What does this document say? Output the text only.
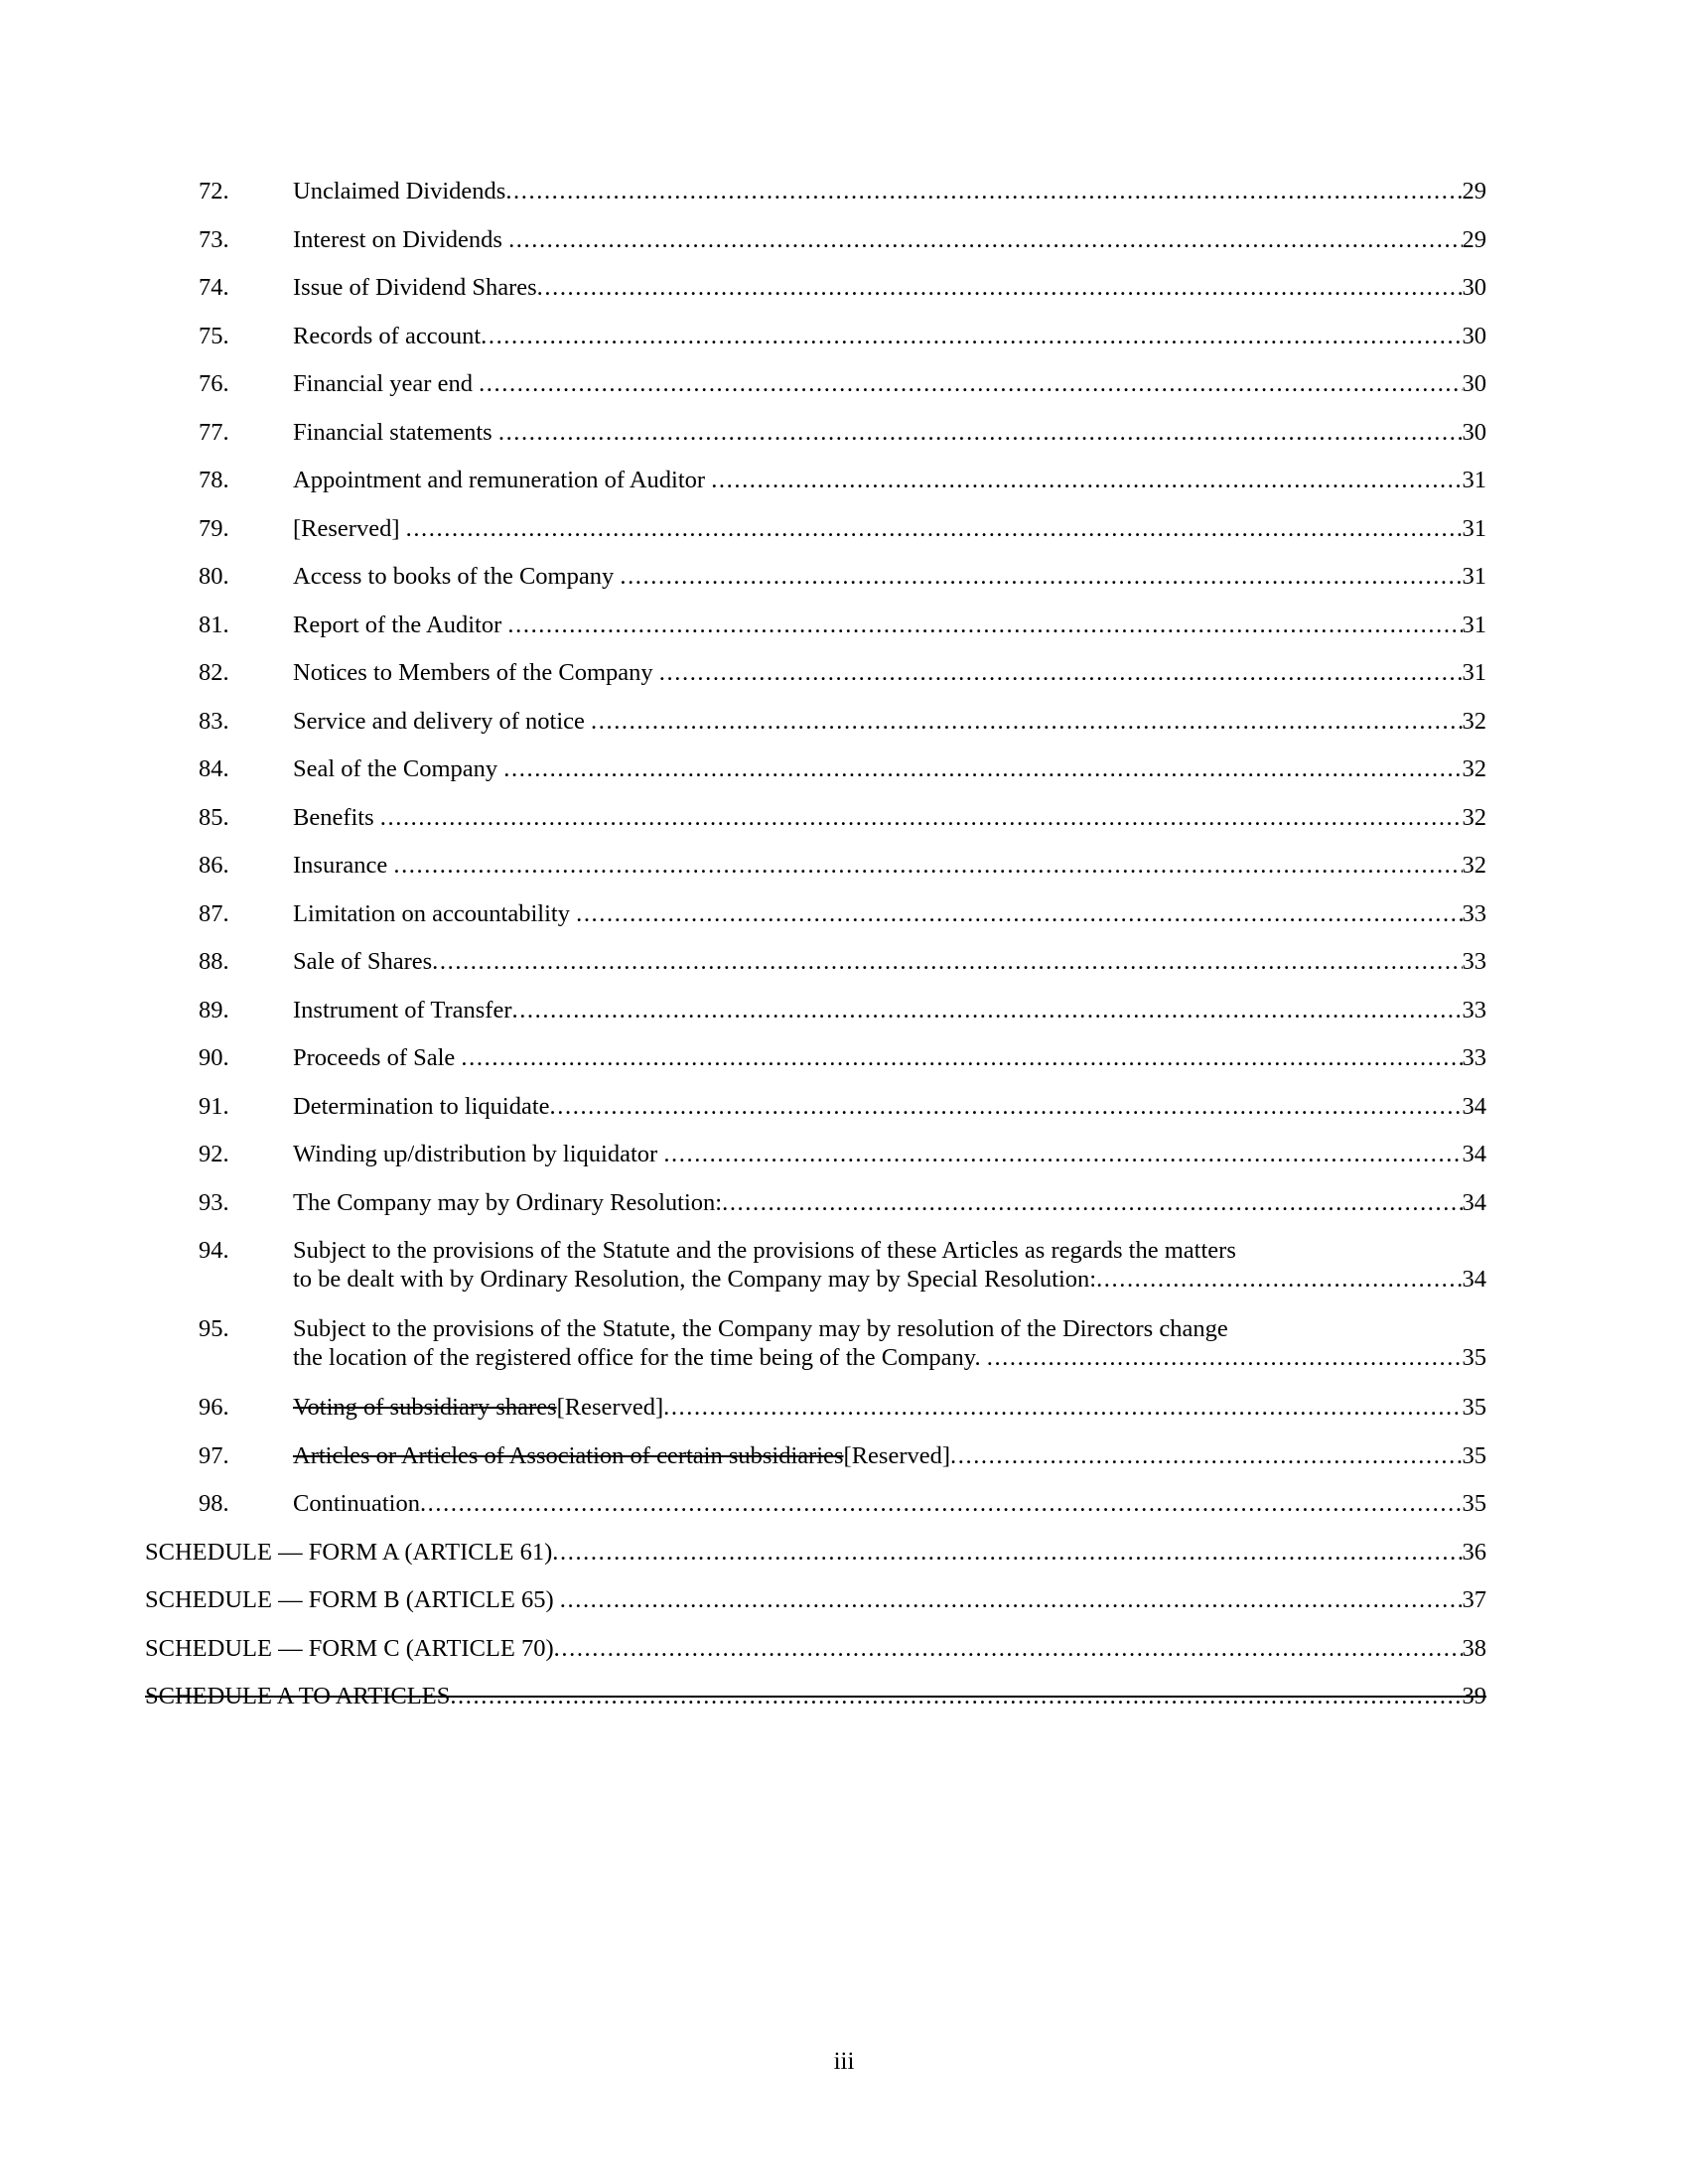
72.	Unclaimed Dividends .....	29
73.	Interest on Dividends .....	29
74.	Issue of Dividend Shares .....	30
75.	Records of account .....	30
76.	Financial year end .....	30
77.	Financial statements .....	30
78.	Appointment and remuneration of Auditor .....	31
79.	[Reserved] .....	31
80.	Access to books of the Company .....	31
81.	Report of the Auditor .....	31
82.	Notices to Members of the Company .....	31
83.	Service and delivery of notice .....	32
84.	Seal of the Company .....	32
85.	Benefits .....	32
86.	Insurance .....	32
87.	Limitation on accountability .....	33
88.	Sale of Shares .....	33
89.	Instrument of Transfer .....	33
90.	Proceeds of Sale .....	33
91.	Determination to liquidate .....	34
92.	Winding up/distribution by liquidator .....	34
93.	The Company may by Ordinary Resolution: .....	34
94.	Subject to the provisions of the Statute and the provisions of these Articles as regards the matters
to be dealt with by Ordinary Resolution, the Company may by Special Resolution: .....	34
95.	Subject to the provisions of the Statute, the Company may by resolution of the Directors change
the location of the registered office for the time being of the Company. .....	35
96.	Voting of subsidiary shares[Reserved] .....	35
97.	Articles or Articles of Association of certain subsidiaries[Reserved] .....	35
98.	Continuation .....	35
SCHEDULE — FORM A (ARTICLE 61) .....	36
SCHEDULE — FORM B (ARTICLE 65) .....	37
SCHEDULE — FORM C (ARTICLE 70) .....	38
SCHEDULE A TO ARTICLES .....	39
iii
